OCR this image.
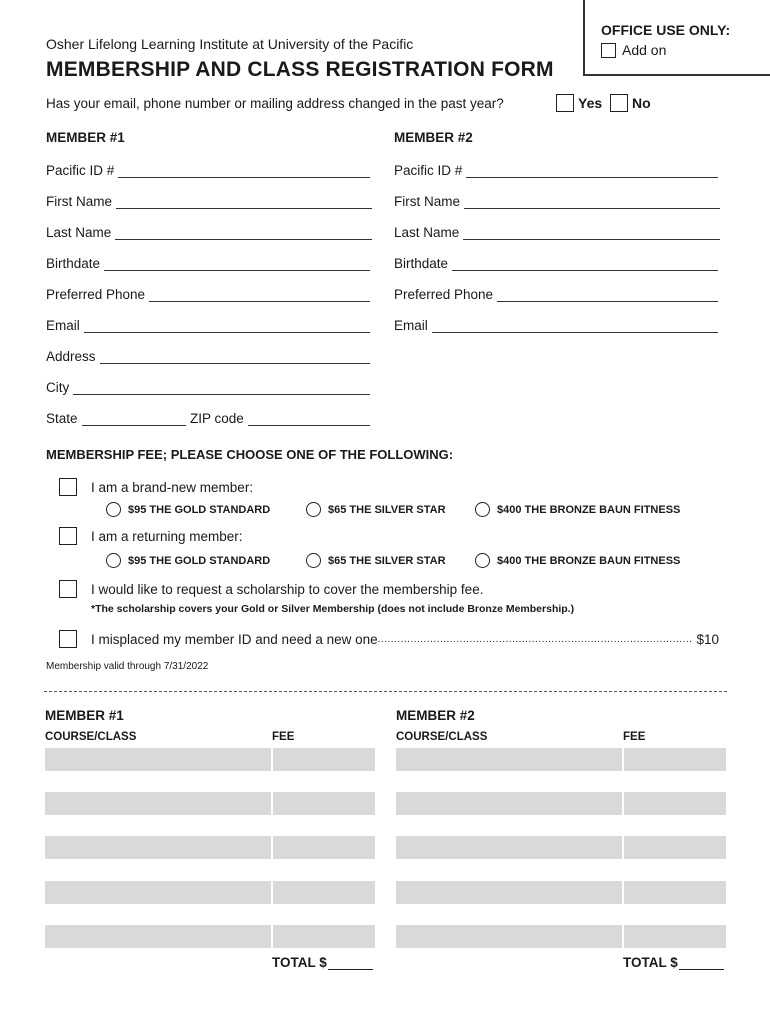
OFFICE USE ONLY:
Add on
Osher Lifelong Learning Institute at University of the Pacific
MEMBERSHIP AND CLASS REGISTRATION FORM
Has your email, phone number or mailing address changed in the past year?	Yes No
MEMBER #1	MEMBER #2
Pacific ID #
First Name
Last Name
Birthdate
Preferred Phone
Email
Address
City
State	ZIP code
Pacific ID #
First Name
Last Name
Birthdate
Preferred Phone
Email
MEMBERSHIP FEE; PLEASE CHOOSE ONE OF THE FOLLOWING:
I am a brand-new member:
$95 THE GOLD STANDARD	$65 THE SILVER STAR	$400 THE BRONZE BAUN FITNESS
I am a returning member:
$95 THE GOLD STANDARD	$65 THE SILVER STAR	$400 THE BRONZE BAUN FITNESS
I would like to request a scholarship to cover the membership fee.
*The scholarship covers your Gold or Silver Membership (does not include Bronze Membership.)
I misplaced my member ID and need a new one ................................................................................................ $10
Membership valid through 7/31/2022
MEMBER #1	MEMBER #2
COURSE/CLASS	FEE	COURSE/CLASS	FEE
TOTAL $	TOTAL $
